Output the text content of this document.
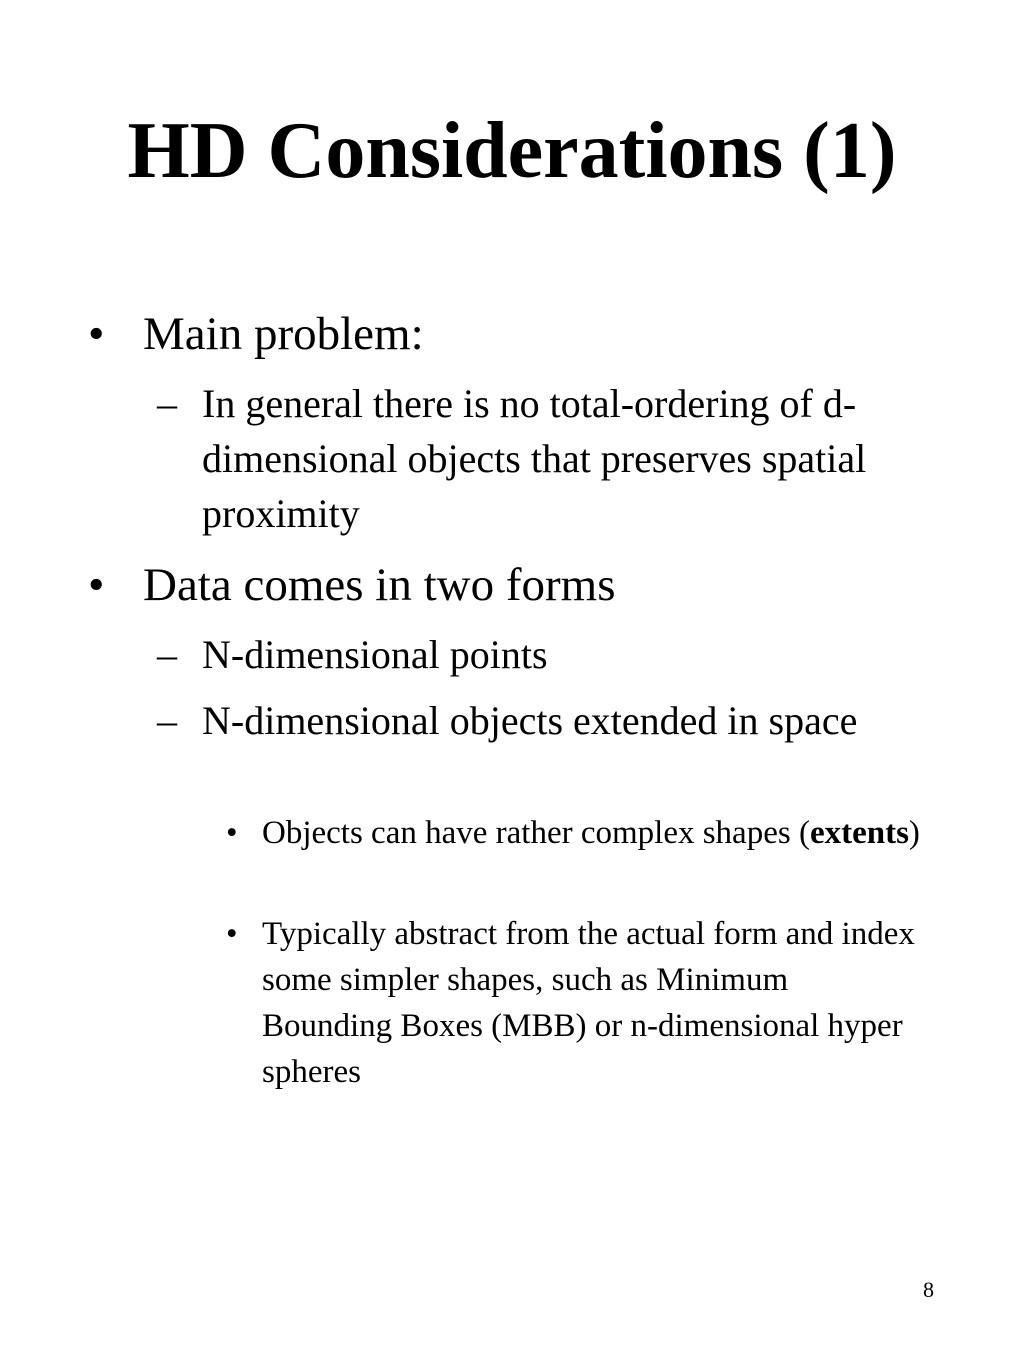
HD Considerations (1)
• Main problem:
– In general there is no total-ordering of d-dimensional objects that preserves spatial proximity
• Data comes in two forms
– N-dimensional points
– N-dimensional objects extended in space
• Objects can have rather complex shapes (extents)
• Typically abstract from the actual form and index some simpler shapes, such as Minimum Bounding Boxes (MBB) or n-dimensional hyper spheres
8
